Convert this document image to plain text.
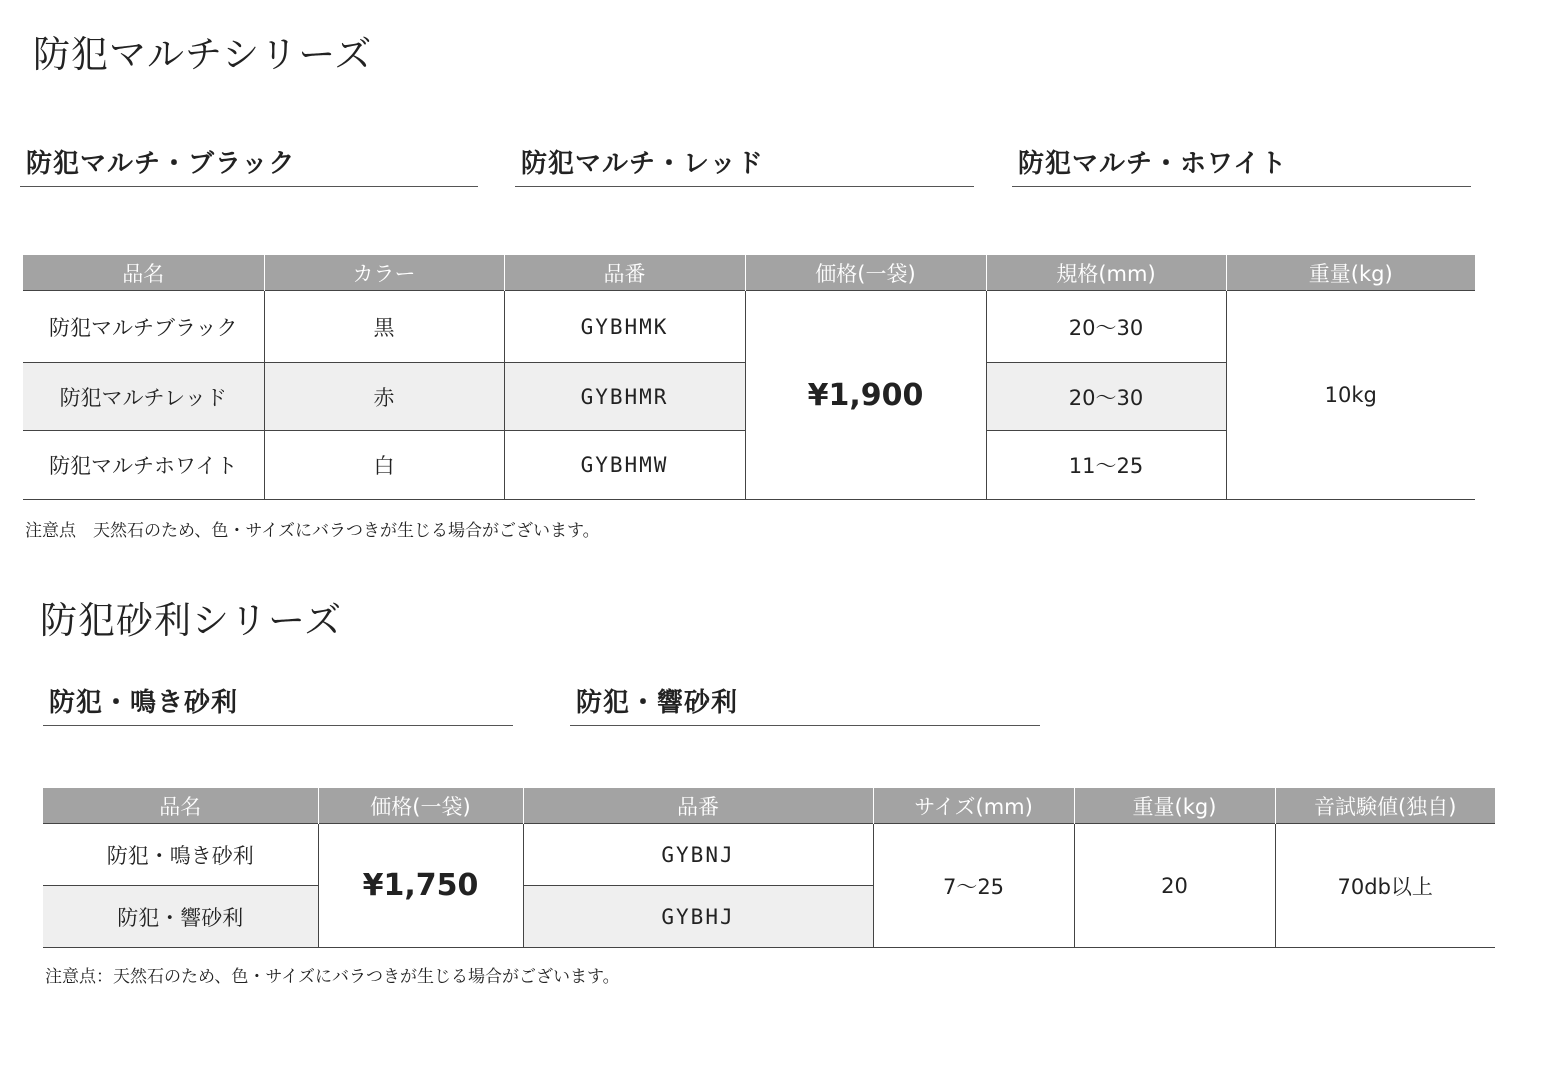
防犯マルチシリーズ
防犯マルチ・ブラック	防犯マルチ・レッド	防犯マルチ・ホワイト
品名	カラー	品番	価格(一袋)	規格(mm)	重量(kg)
防犯マルチブラック	黒	GYBHMK	¥1,900	20〜30	10kg
防犯マルチレッド	赤	GYBHMR		20〜30	
防犯マルチホワイト	白	GYBHMW		11〜25	

注意点　天然石のため、色・サイズにバラつきが生じる場合がございます。

防犯砂利シリーズ
防犯・鳴き砂利	防犯・響砂利
品名	価格(一袋)	品番	サイズ(mm)	重量(kg)	音試験値(独自)
防犯・鳴き砂利	¥1,750	GYBNJ	7〜25	20	70db以上
防犯・響砂利		GYBHJ			

注意点：天然石のため、色・サイズにバラつきが生じる場合がございます。
